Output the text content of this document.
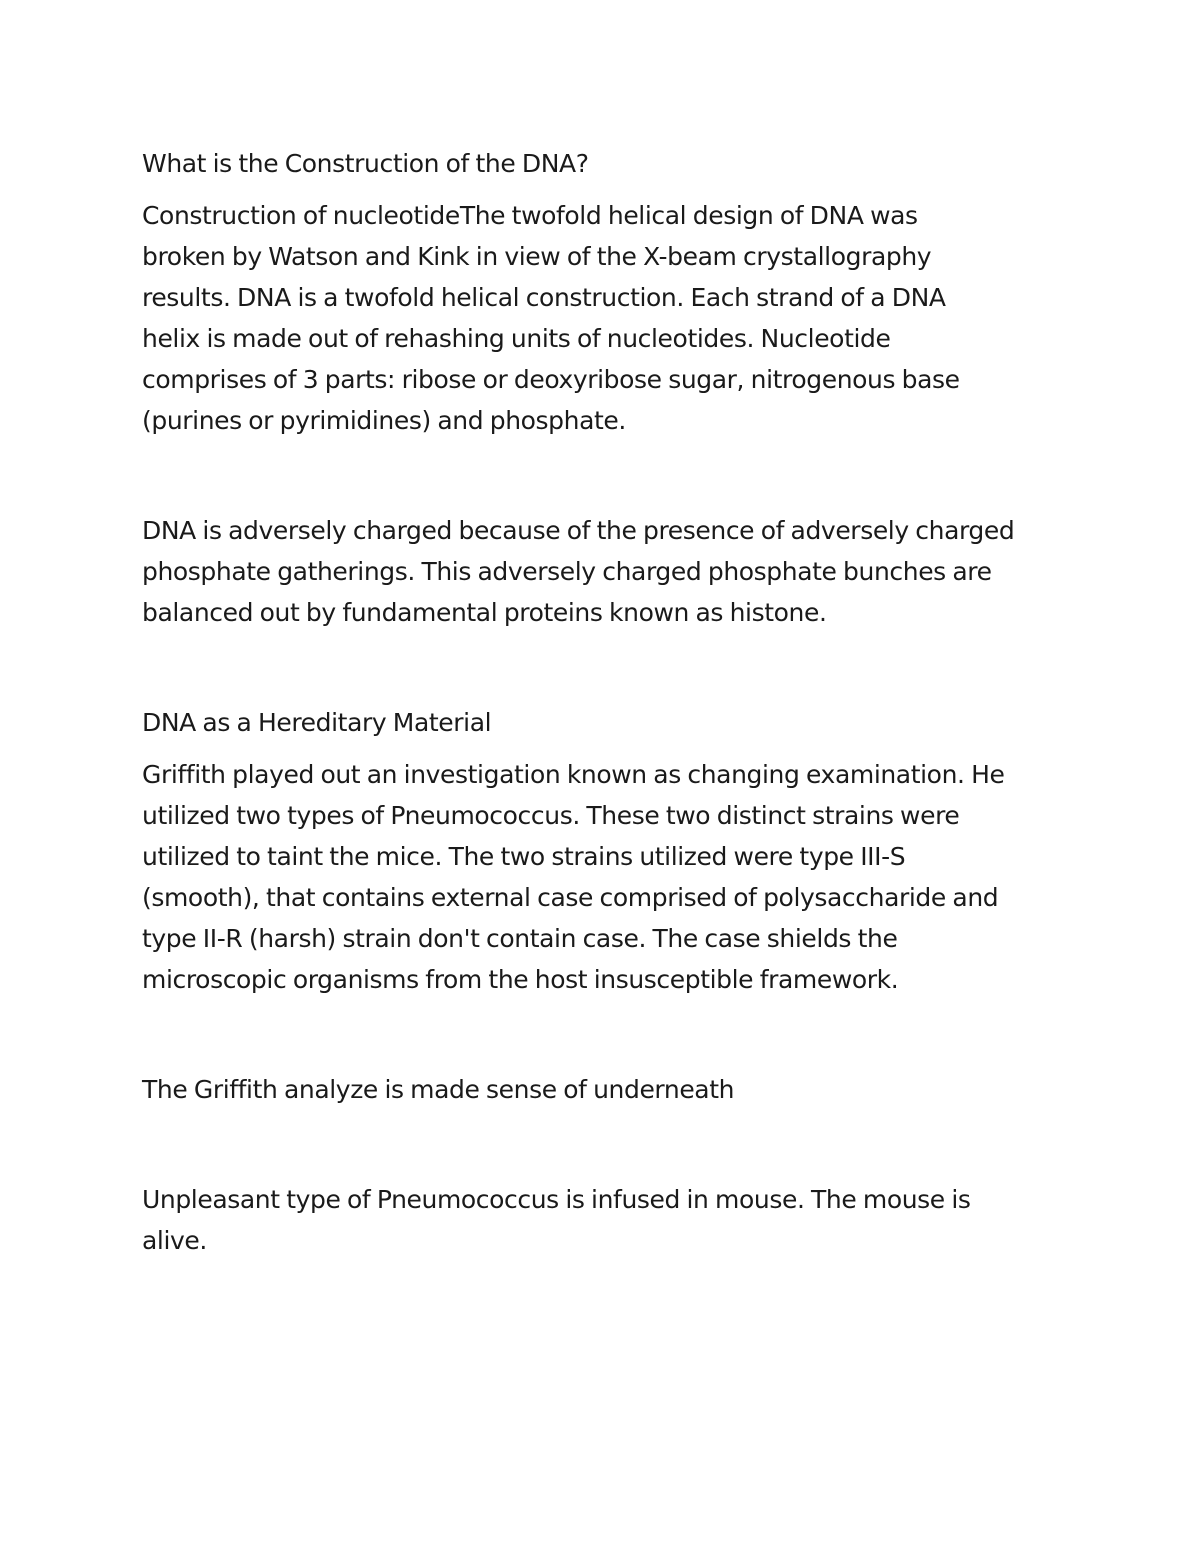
What is the Construction of the DNA?

Construction of nucleotideThe twofold helical design of DNA was
broken by Watson and Kink in view of the X-beam crystallography
results. DNA is a twofold helical construction. Each strand of a DNA
helix is made out of rehashing units of nucleotides. Nucleotide
comprises of 3 parts: ribose or deoxyribose sugar, nitrogenous base
(purines or pyrimidines) and phosphate.

DNA is adversely charged because of the presence of adversely charged
phosphate gatherings. This adversely charged phosphate bunches are
balanced out by fundamental proteins known as histone.

DNA as a Hereditary Material

Griffith played out an investigation known as changing examination. He
utilized two types of Pneumococcus. These two distinct strains were
utilized to taint the mice. The two strains utilized were type III-S
(smooth), that contains external case comprised of polysaccharide and
type II-R (harsh) strain don't contain case. The case shields the
microscopic organisms from the host insusceptible framework.

The Griffith analyze is made sense of underneath

Unpleasant type of Pneumococcus is infused in mouse. The mouse is
alive.
